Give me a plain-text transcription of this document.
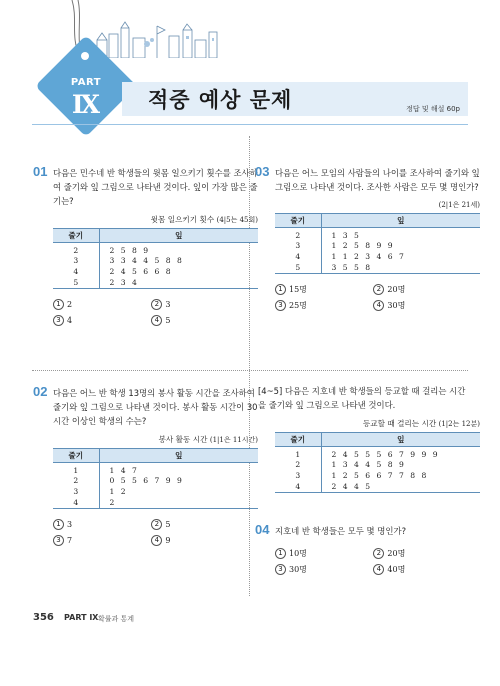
PART
Ⅸ	적중 예상 문제	정답 및 해설 60p
01 다음은 민수네 반 학생들의 윗몸 일으키기 횟수를 조사하여 줄기와 잎 그림으로 나타낸 것이다. 잎이 가장 많은 줄기는?
윗몸 일으키기 횟수 (4|5는 45회)
줄기	잎
2	2 5 8 9
3	3 3 4 4 5 8 8
4	2 4 5 6 6 8
5	2 3 4
1 2	2 3 3 4	4 5
03 다음은 어느 모임의 사람들의 나이를 조사하여 줄기와 잎 그림으로 나타낸 것이다. 조사한 사람은 모두 몇 명인가?
(2|1은 21세)
줄기	잎
2	1 3 5
3	1 2 5 8 9 9
4	1 1 2 3 4 6 7
5	3 5 5 8
1 15명	2 20명 3 25명	4 30명
02 다음은 어느 반 학생 13명의 봉사 활동 시간을 조사하여 줄기와 잎 그림으로 나타낸 것이다. 봉사 활동 시간이 30시간 이상인 학생의 수는?
봉사 활동 시간 (1|1은 11시간)
줄기	잎
1	1 4 7
2	0 5 5 6 7 9 9
3	1 2
4	2
1 3	2 5 3 7	4 9
[4~5] 다음은 지호네 반 학생들의 등교할 때 걸리는 시간을 줄기와 잎 그림으로 나타낸 것이다.
등교할 때 걸리는 시간 (1|2는 12분)
줄기	잎
1	2 4 5 5 5 6 7 9 9 9
2	1 3 4 4 5 8 9
3	1 2 5 6 6 7 7 8 8
4	2 4 4 5
04 지호네 반 학생들은 모두 몇 명인가?
1 10명	2 20명 3 30명	4 40명
356 PART Ⅸ 확률과 통계
